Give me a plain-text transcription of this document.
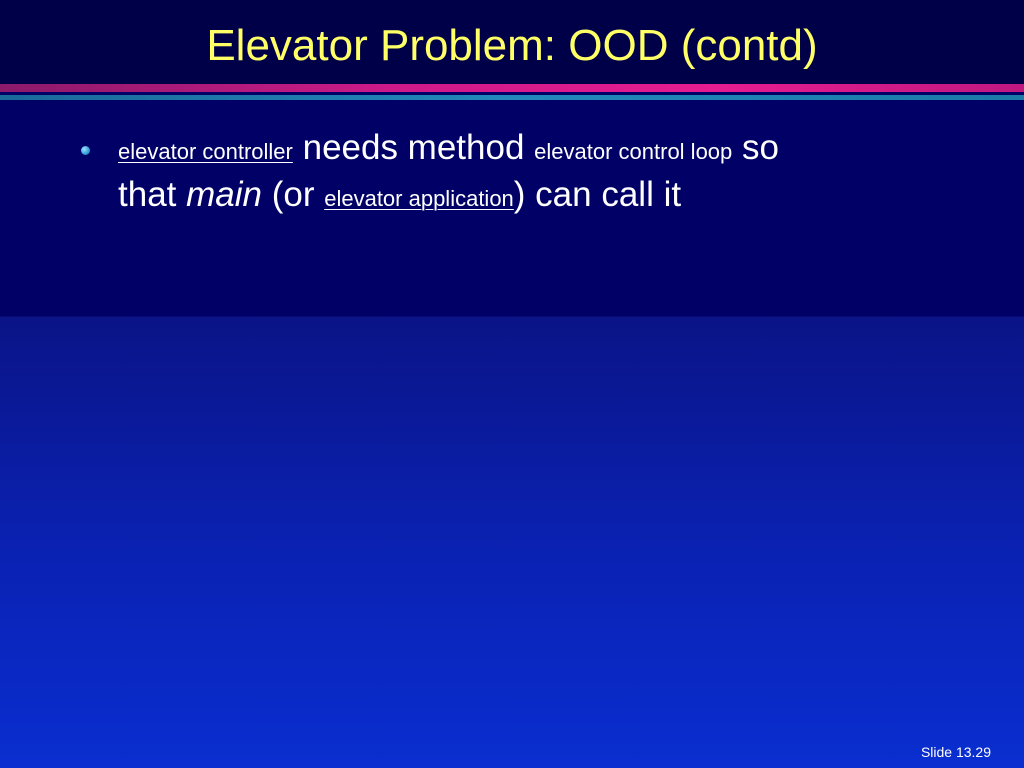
Elevator Problem: OOD (contd)
elevator controller needs method elevator control loop so that main (or elevator application) can call it
Slide 13.29
